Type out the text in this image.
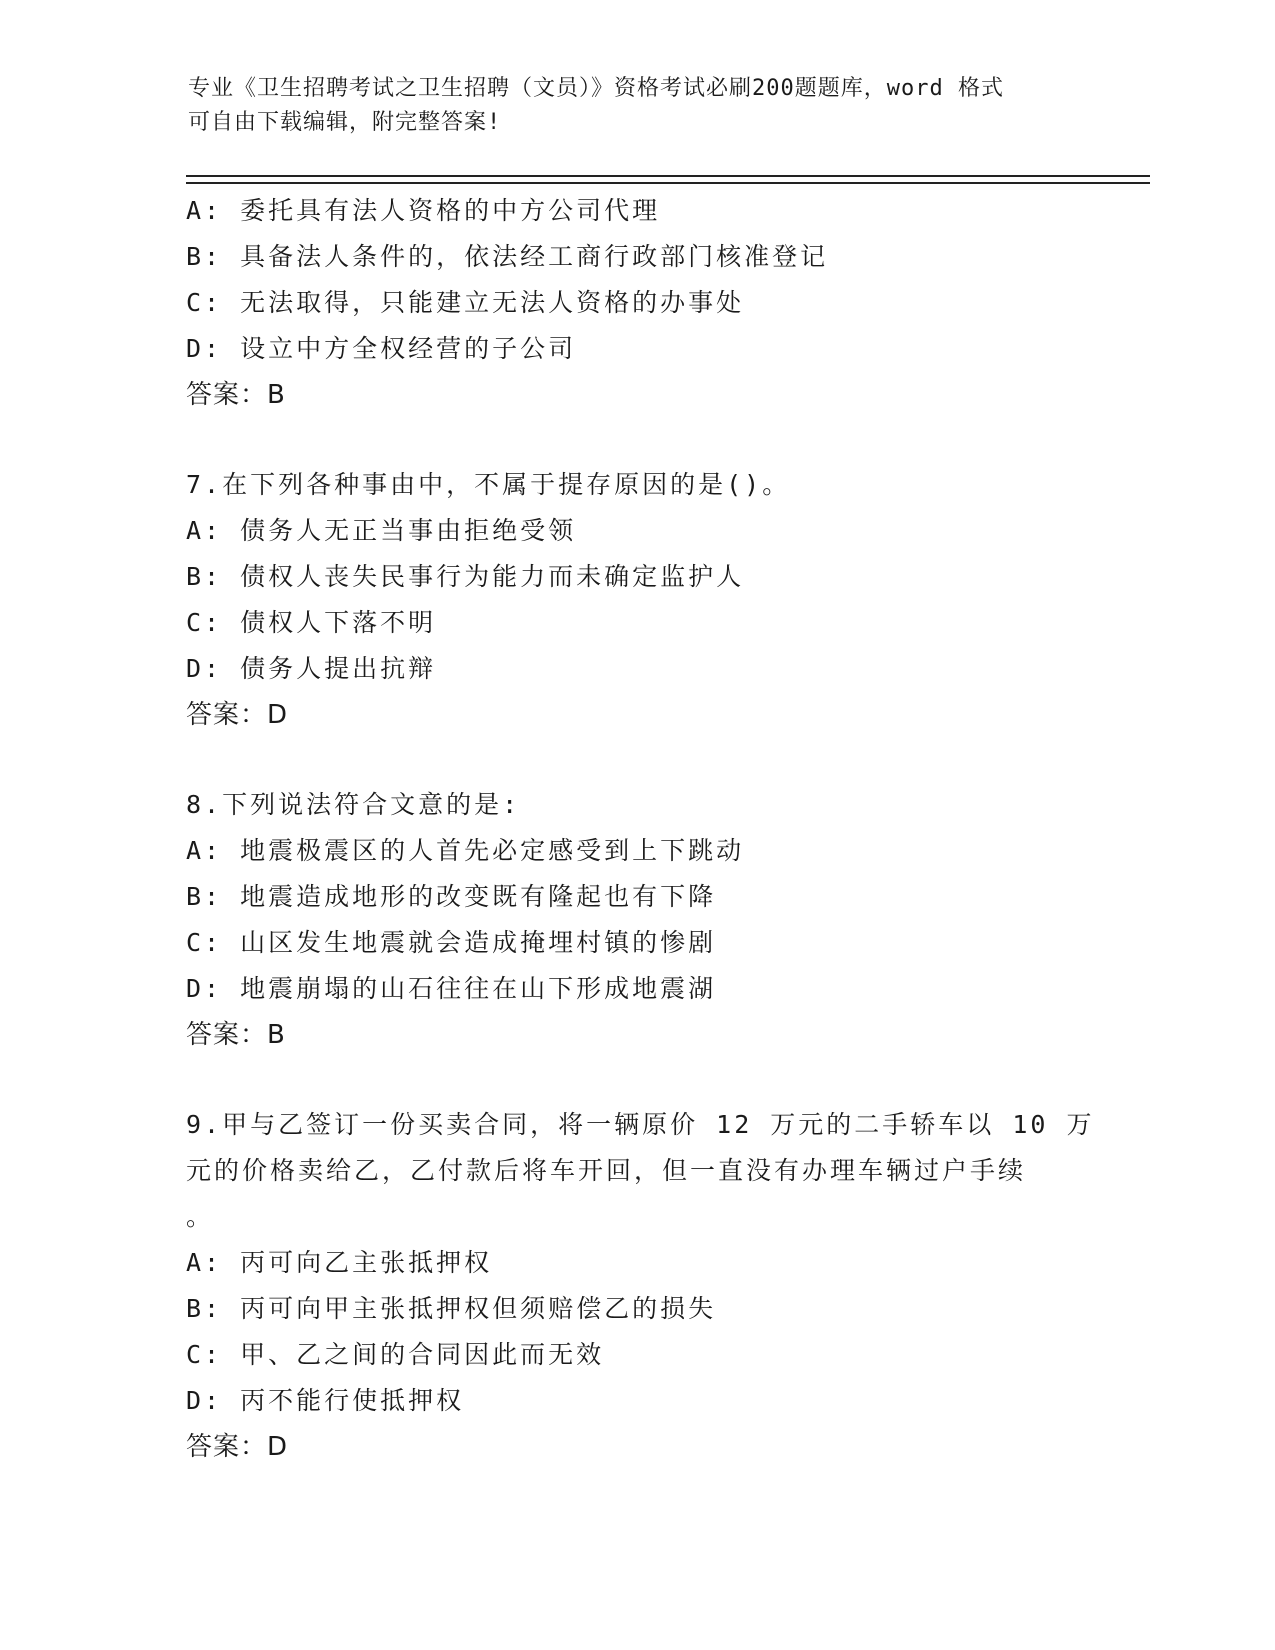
专业《卫生招聘考试之卫生招聘（文员）》资格考试必刷200题题库，word 格式
可自由下载编辑，附完整答案!
A: 委托具有法人资格的中方公司代理
B: 具备法人条件的，依法经工商行政部门核准登记
C: 无法取得，只能建立无法人资格的办事处
D: 设立中方全权经营的子公司
答案：B
7.在下列各种事由中，不属于提存原因的是()。
A: 债务人无正当事由拒绝受领
B: 债权人丧失民事行为能力而未确定监护人
C: 债权人下落不明
D: 债务人提出抗辩
答案：D
8.下列说法符合文意的是:
A: 地震极震区的人首先必定感受到上下跳动
B: 地震造成地形的改变既有隆起也有下降
C: 山区发生地震就会造成掩埋村镇的惨剧
D: 地震崩塌的山石往往在山下形成地震湖
答案：B
9.甲与乙签订一份买卖合同，将一辆原价 12 万元的二手轿车以 10 万
元的价格卖给乙，乙付款后将车开回，但一直没有办理车辆过户手续
。
A: 丙可向乙主张抵押权
B: 丙可向甲主张抵押权但须赔偿乙的损失
C: 甲、乙之间的合同因此而无效
D: 丙不能行使抵押权
答案：D
